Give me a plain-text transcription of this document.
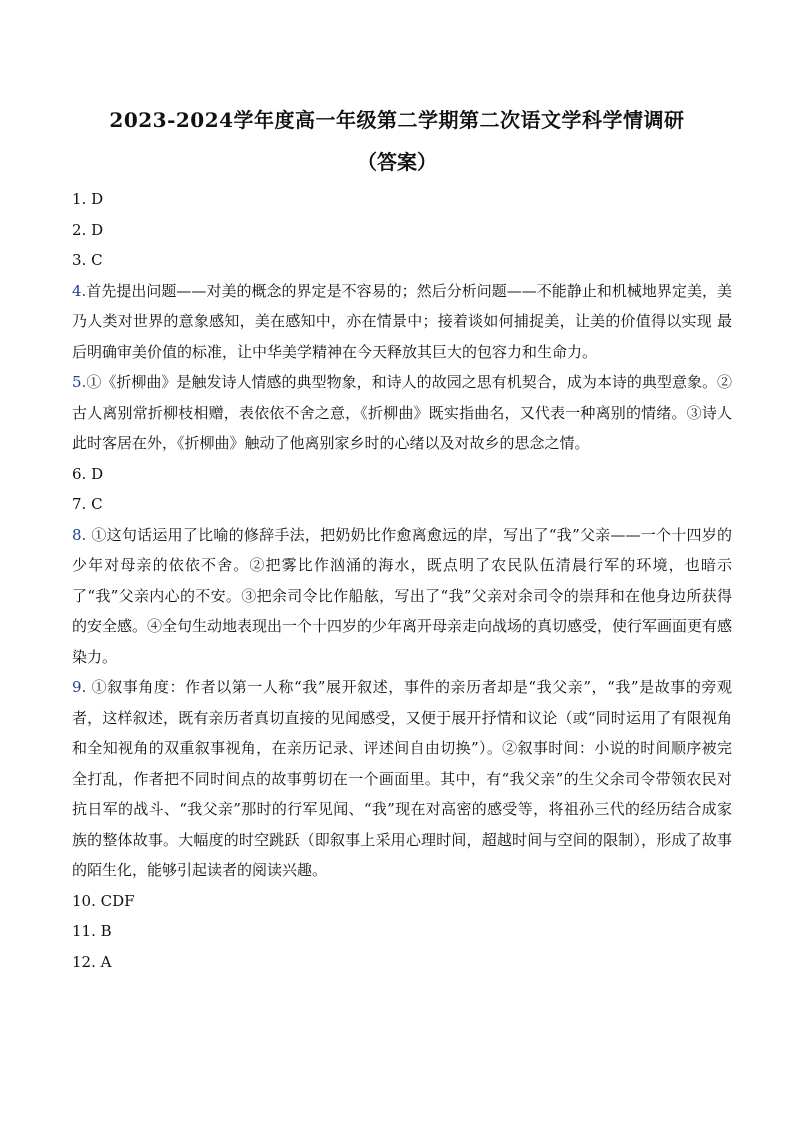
2023-2024学年度高一年级第二学期第二次语文学科学情调研
（答案）

1. D

2. D

3. C

4.首先提出问题——对美的概念的界定是不容易的；然后分析问题——不能静止和机械地界定美，美乃人类对世界的意象感知，美在感知中，亦在情景中；接着谈如何捕捉美，让美的价值得以实现 最后明确审美价值的标准，让中华美学精神在今天释放其巨大的包容力和生命力。

5.①《折柳曲》是触发诗人情感的典型物象，和诗人的故园之思有机契合，成为本诗的典型意象。②古人离别常折柳枝相赠，表依依不舍之意，《折柳曲》既实指曲名，又代表一种离别的情绪。③诗人此时客居在外，《折柳曲》触动了他离别家乡时的心绪以及对故乡的思念之情。

6. D

7. C

8. ①这句话运用了比喻的修辞手法，把奶奶比作愈离愈远的岸，写出了“我”父亲——一个十四岁的少年对母亲的依依不舍。②把雾比作汹涌的海水，既点明了农民队伍清晨行军的环境，也暗示了“我”父亲内心的不安。③把余司令比作船舷，写出了“我”父亲对余司令的崇拜和在他身边所获得的安全感。④全句生动地表现出一个十四岁的少年离开母亲走向战场的真切感受，使行军画面更有感染力。

9. ①叙事角度：作者以第一人称“我”展开叙述，事件的亲历者却是“我父亲”，“我”是故事的旁观者，这样叙述，既有亲历者真切直接的见闻感受，又便于展开抒情和议论（或“同时运用了有限视角和全知视角的双重叙事视角，在亲历记录、评述间自由切换”）。②叙事时间：小说的时间顺序被完全打乱，作者把不同时间点的故事剪切在一个画面里。其中，有“我父亲”的生父余司令带领农民对抗日军的战斗、“我父亲”那时的行军见闻、“我”现在对高密的感受等，将祖孙三代的经历结合成家族的整体故事。大幅度的时空跳跃（即叙事上采用心理时间，超越时间与空间的限制），形成了故事的陌生化，能够引起读者的阅读兴趣。

10. CDF

11. B

12. A
